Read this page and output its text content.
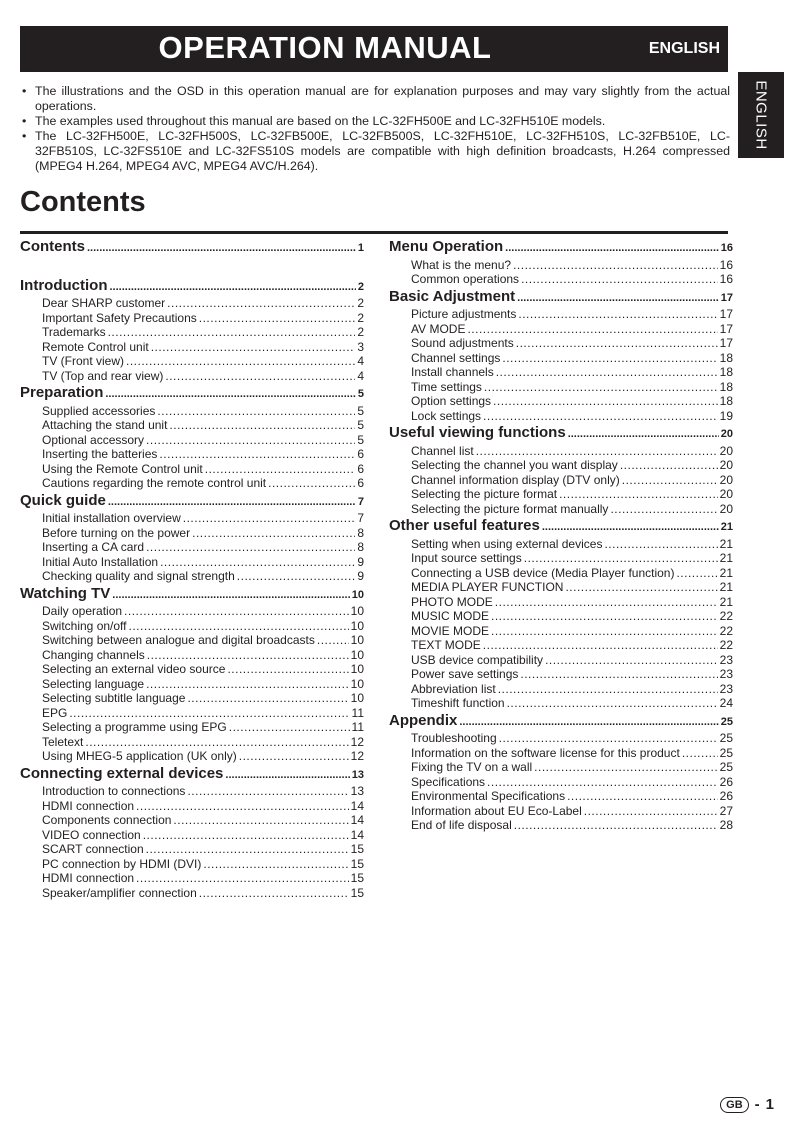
OPERATION MANUAL	ENGLISH
ENGLISH
• The illustrations and the OSD in this operation manual are for explanation purposes and may vary slightly from the actual operations.
• The examples used throughout this manual are based on the LC-32FH500E and LC-32FH510E models.
• The LC-32FH500E, LC-32FH500S, LC-32FB500E, LC-32FB500S, LC-32FH510E, LC-32FH510S, LC-32FB510E, LC-32FB510S, LC-32FS510E and LC-32FS510S models are compatible with high definition broadcasts, H.264 compressed (MPEG4 H.264, MPEG4 AVC, MPEG4 AVC/H.264).
Contents
Contents .....	1
Introduction .....	2
Dear SHARP customer .....	2
Important Safety Precautions .....	2
Trademarks .....	2
Remote Control unit .....	3
TV (Front view) .....	4
TV (Top and rear view) .....	4
Preparation .....	5
Supplied accessories .....	5
Attaching the stand unit .....	5
Optional accessory .....	5
Inserting the batteries .....	6
Using the Remote Control unit .....	6
Cautions regarding the remote control unit .....	6
Quick guide .....	7
Initial installation overview .....	7
Before turning on the power .....	8
Inserting a CA card .....	8
Initial Auto Installation .....	9
Checking quality and signal strength .....	9
Watching TV .....	10
Daily operation .....	10
Switching on/off .....	10
Switching between analogue and digital broadcasts .....	10
Changing channels .....	10
Selecting an external video source .....	10
Selecting language .....	10
Selecting subtitle language .....	10
EPG .....	11
Selecting a programme using EPG .....	11
Teletext .....	12
Using MHEG-5 application (UK only) .....	12
Connecting external devices .....	13
Introduction to connections .....	13
HDMI connection .....	14
Components connection .....	14
VIDEO connection .....	14
SCART connection .....	15
PC connection by HDMI (DVI) .....	15
HDMI connection .....	15
Speaker/amplifier connection .....	15
Menu Operation .....	16
What is the menu? .....	16
Common operations .....	16
Basic Adjustment .....	17
Picture adjustments .....	17
AV MODE .....	17
Sound adjustments .....	17
Channel settings .....	18
Install channels .....	18
Time settings .....	18
Option settings .....	18
Lock settings .....	19
Useful viewing functions .....	20
Channel list .....	20
Selecting the channel you want display .....	20
Channel information display (DTV only) .....	20
Selecting the picture format .....	20
Selecting the picture format manually .....	20
Other useful features .....	21
Setting when using external devices .....	21
Input source settings .....	21
Connecting a USB device (Media Player function) .....	21
MEDIA PLAYER FUNCTION .....	21
PHOTO MODE .....	21
MUSIC MODE .....	22
MOVIE MODE .....	22
TEXT MODE .....	22
USB device compatibility .....	23
Power save settings .....	23
Abbreviation list .....	23
Timeshift function .....	24
Appendix .....	25
Troubleshooting .....	25
Information on the software license for this product .....	25
Fixing the TV on a wall .....	25
Specifications .....	26
Environmental Specifications .....	26
Information about EU Eco-Label .....	27
End of life disposal .....	28
GB - 1
